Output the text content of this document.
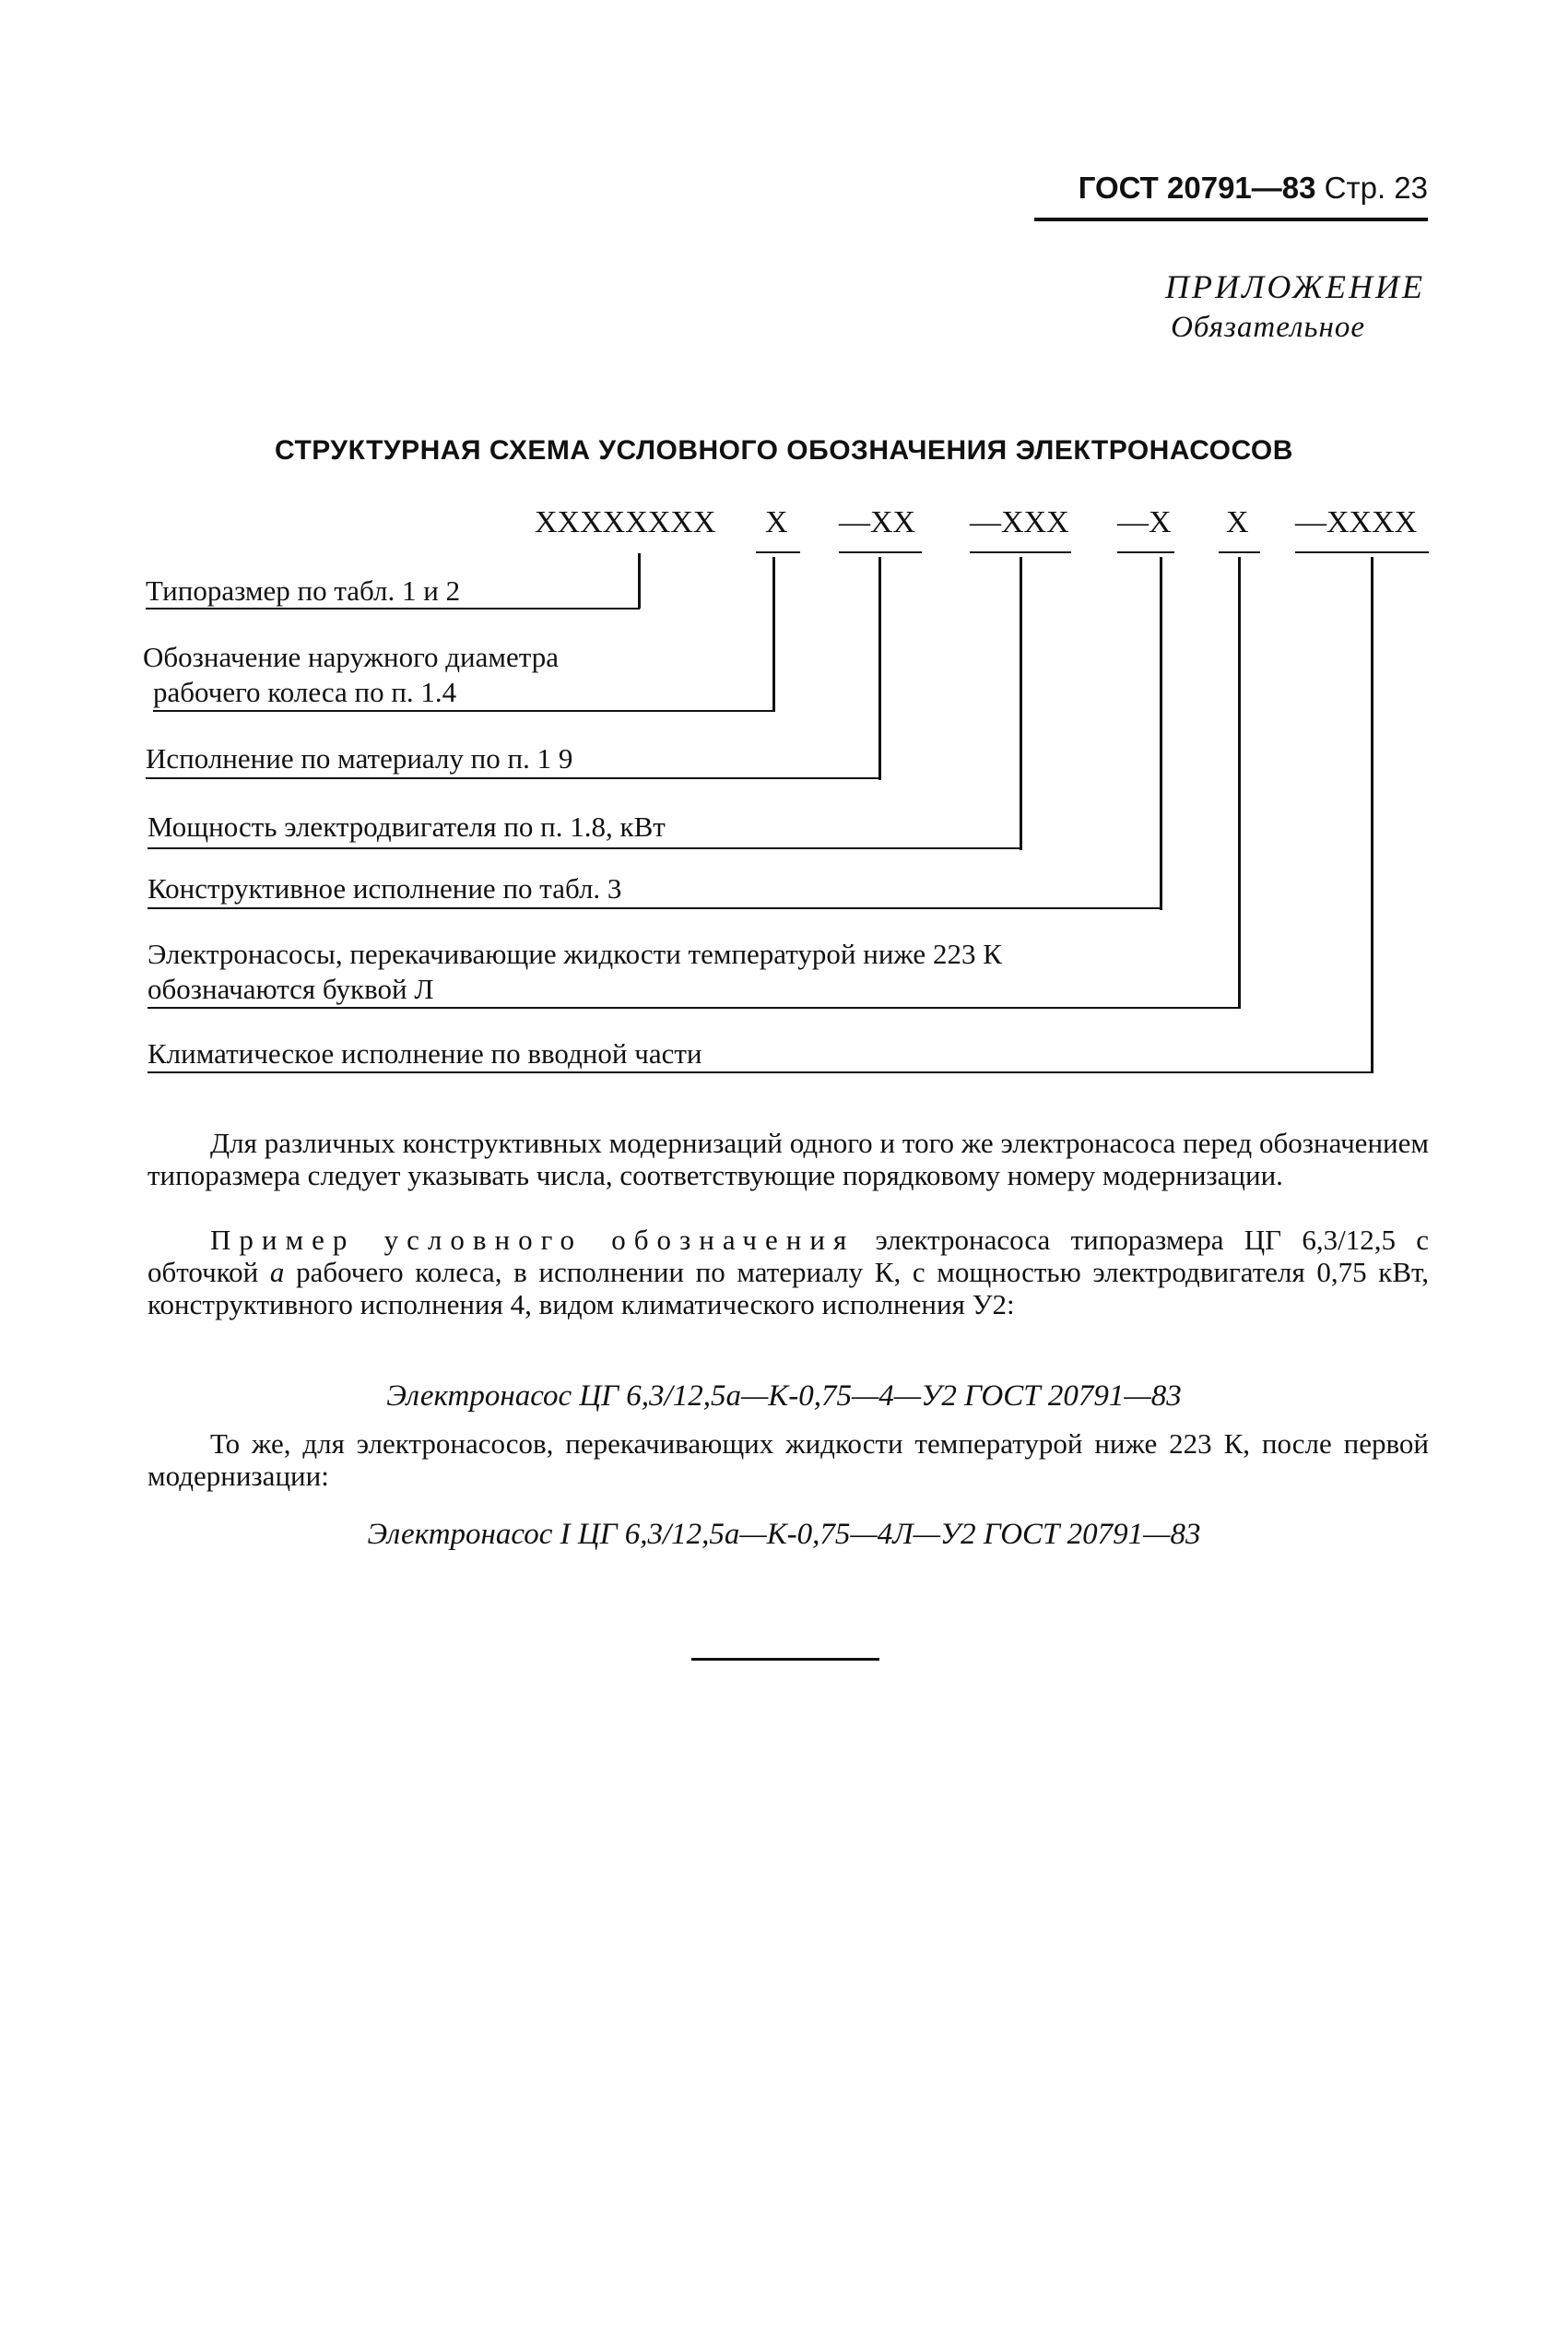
ГОСТ 20791—83 Стр. 23
ПРИЛОЖЕНИЕ
Обязательное
СТРУКТУРНАЯ СХЕМА УСЛОВНОГО ОБОЗНАЧЕНИЯ ЭЛЕКТРОНАСОСОВ
XXXXXXXX X —XX —XXX —X X —XXXX
Типоразмер по табл. 1 и 2
Обозначение наружного диаметра
рабочего колеса по п. 1.4
Исполнение по материалу по п. 1 9
Мощность электродвигателя по п. 1.8, кВт
Конструктивное исполнение по табл. 3
Электронасосы, перекачивающие жидкости температурой ниже 223 К
обозначаются буквой Л
Климатическое исполнение по вводной части

Для различных конструктивных модернизаций одного и того же электронасоса перед обозначением типоразмера следует указывать числа, соответствующие порядковому номеру модернизации.

Пример условного обозначения электронасоса типоразмера ЦГ 6,3/12,5 с обточкой а рабочего колеса, в исполнении по материалу К, с мощностью электродвигателя 0,75 кВт, конструктивного исполнения 4, видом климатического исполнения У2:

Электронасос ЦГ 6,3/12,5а—К-0,75—4—У2 ГОСТ 20791—83

То же, для электронасосов, перекачивающих жидкости температурой ниже 223 К, после первой модернизации:

Электронасос I ЦГ 6,3/12,5а—К-0,75—4Л—У2 ГОСТ 20791—83
